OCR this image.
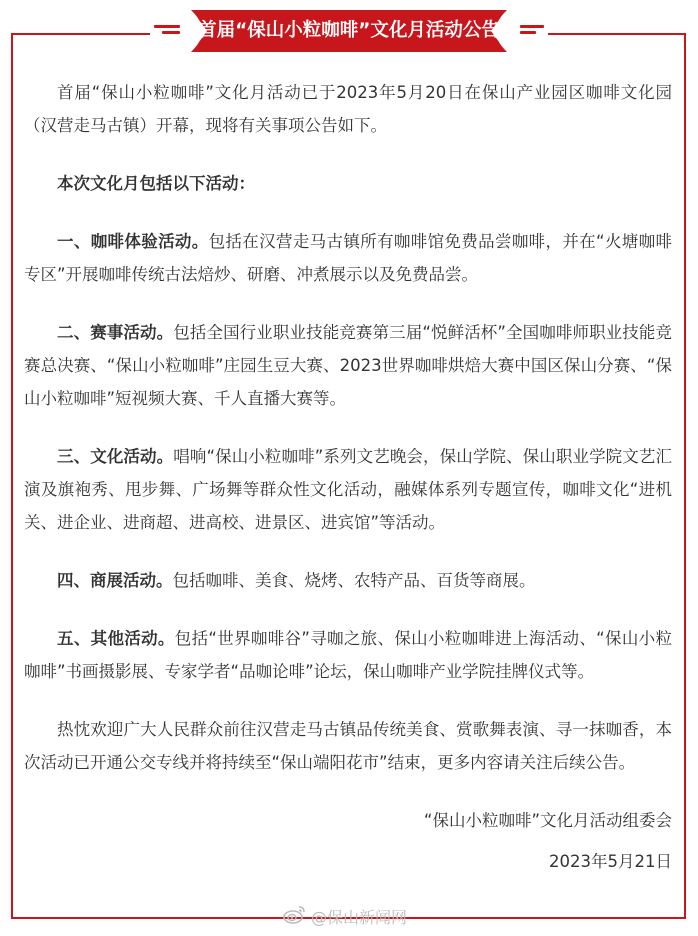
首届“保山小粒咖啡”文化月活动公告

首届“保山小粒咖啡”文化月活动已于2023年5月20日在保山产业园区咖啡文化园（汉营走马古镇）开幕，现将有关事项公告如下。

本次文化月包括以下活动：

一、咖啡体验活动。包括在汉营走马古镇所有咖啡馆免费品尝咖啡，并在“火塘咖啡专区”开展咖啡传统古法焙炒、研磨、冲煮展示以及免费品尝。

二、赛事活动。包括全国行业职业技能竞赛第三届“悦鲜活杯”全国咖啡师职业技能竞赛总决赛、“保山小粒咖啡”庄园生豆大赛、2023世界咖啡烘焙大赛中国区保山分赛、“保山小粒咖啡”短视频大赛、千人直播大赛等。

三、文化活动。唱响“保山小粒咖啡”系列文艺晚会，保山学院、保山职业学院文艺汇演及旗袍秀、甩步舞、广场舞等群众性文化活动，融媒体系列专题宣传，咖啡文化“进机关、进企业、进商超、进高校、进景区、进宾馆”等活动。

四、商展活动。包括咖啡、美食、烧烤、农特产品、百货等商展。

五、其他活动。包括“世界咖啡谷”寻咖之旅、保山小粒咖啡进上海活动、“保山小粒咖啡”书画摄影展、专家学者“品咖论啡”论坛，保山咖啡产业学院挂牌仪式等。

热忱欢迎广大人民群众前往汉营走马古镇品传统美食、赏歌舞表演、寻一抹咖香，本次活动已开通公交专线并将持续至“保山端阳花市”结束，更多内容请关注后续公告。

“保山小粒咖啡”文化月活动组委会

2023年5月21日

@保山新闻网
